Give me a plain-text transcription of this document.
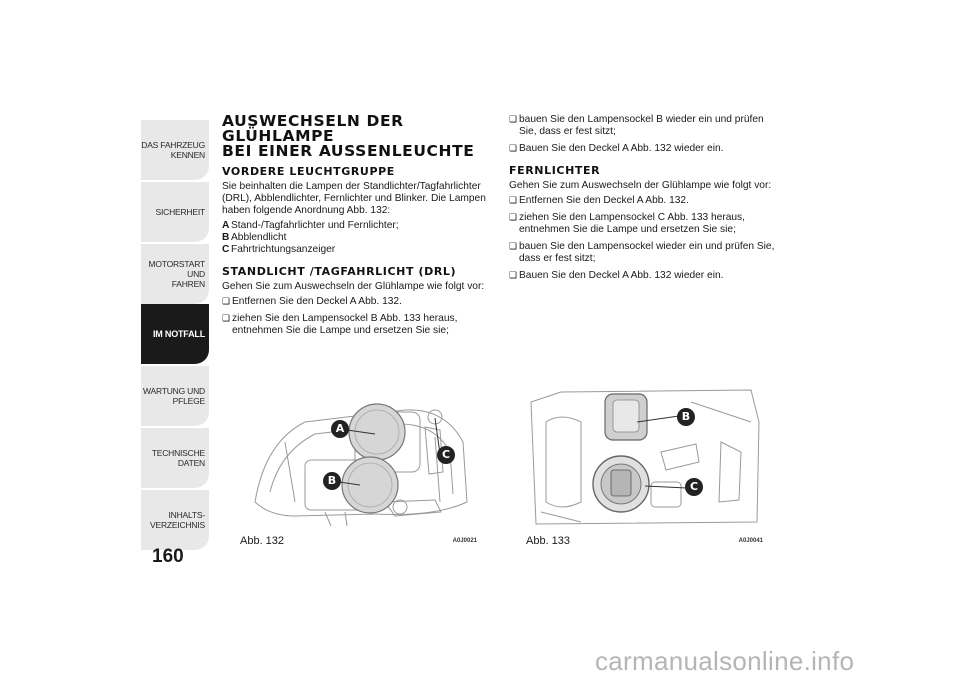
DAS FAHRZEUG
KENNEN
SICHERHEIT
MOTORSTART UND
FAHREN
IM NOTFALL
WARTUNG UND
PFLEGE
TECHNISCHE DATEN
INHALTS-
VERZEICHNIS
160
AUSWECHSELN DER GLÜHLAMPE
BEI EINER AUSSENLEUCHTE
VORDERE LEUCHTGRUPPE

Sie beinhalten die Lampen der Standlichter/Tagfahrlichter (DRL), Abblendlichter, Fernlichter und Blinker. Die Lampen haben folgende Anordnung Abb. 132:

A Stand-/Tagfahrlichter und Fernlichter;
B Abblendlicht
C Fahrtrichtungsanzeiger
STANDLICHT /TAGFAHRLICHT (DRL)

Gehen Sie zum Auswechseln der Glühlampe wie folgt vor:

❏ Entfernen Sie den Deckel A Abb. 132.
❏ ziehen Sie den Lampensockel B Abb. 133 heraus, entnehmen Sie die Lampe und ersetzen Sie sie;
❏ bauen Sie den Lampensockel B wieder ein und prüfen Sie, dass er fest sitzt;
❏ Bauen Sie den Deckel A Abb. 132 wieder ein.
FERNLICHTER

Gehen Sie zum Auswechseln der Glühlampe wie folgt vor:

❏ Entfernen Sie den Deckel A Abb. 132.
❏ ziehen Sie den Lampensockel C Abb. 133 heraus, entnehmen Sie die Lampe und ersetzen Sie sie;
❏ bauen Sie den Lampensockel wieder ein und prüfen Sie, dass er fest sitzt;
❏ Bauen Sie den Deckel A Abb. 132 wieder ein.
A
B
C
Abb. 132	A0J0021
B
C
Abb. 133	A0J0041
carmanualsonline.info
